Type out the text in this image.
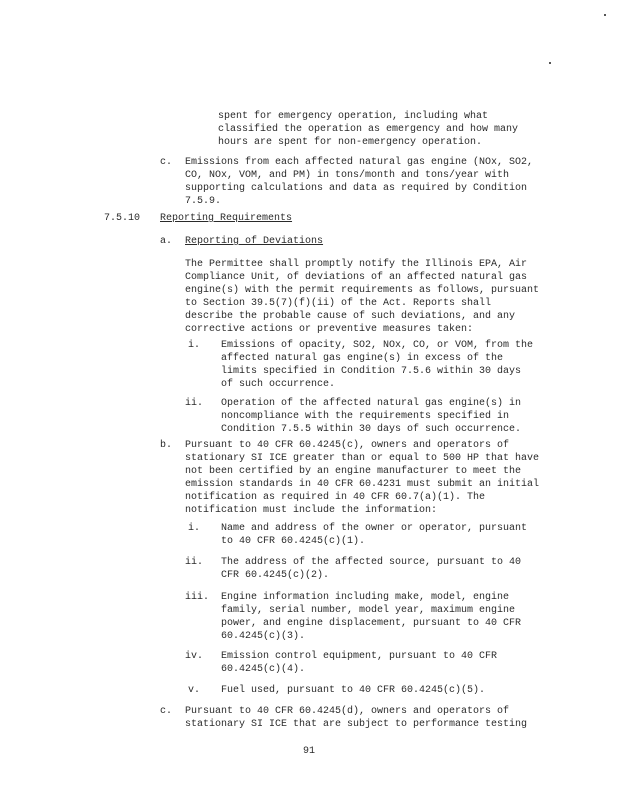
spent for emergency operation, including what
classified the operation as emergency and how many
hours are spent for non-emergency operation.
c. Emissions from each affected natural gas engine (NOx, SO2,
CO, NOx, VOM, and PM) in tons/month and tons/year with
supporting calculations and data as required by Condition
7.5.9.
7.5.10 Reporting Requirements
a. Reporting of Deviations
The Permittee shall promptly notify the Illinois EPA, Air
Compliance Unit, of deviations of an affected natural gas
engine(s) with the permit requirements as follows, pursuant
to Section 39.5(7)(f)(ii) of the Act. Reports shall
describe the probable cause of such deviations, and any
corrective actions or preventive measures taken:
i. Emissions of opacity, SO2, NOx, CO, or VOM, from the
affected natural gas engine(s) in excess of the
limits specified in Condition 7.5.6 within 30 days
of such occurrence.
ii. Operation of the affected natural gas engine(s) in
noncompliance with the requirements specified in
Condition 7.5.5 within 30 days of such occurrence.
b. Pursuant to 40 CFR 60.4245(c), owners and operators of
stationary SI ICE greater than or equal to 500 HP that have
not been certified by an engine manufacturer to meet the
emission standards in 40 CFR 60.4231 must submit an initial
notification as required in 40 CFR 60.7(a)(1). The
notification must include the information:
i. Name and address of the owner or operator, pursuant
to 40 CFR 60.4245(c)(1).
ii. The address of the affected source, pursuant to 40
CFR 60.4245(c)(2).
iii. Engine information including make, model, engine
family, serial number, model year, maximum engine
power, and engine displacement, pursuant to 40 CFR
60.4245(c)(3).
iv. Emission control equipment, pursuant to 40 CFR
60.4245(c)(4).
v. Fuel used, pursuant to 40 CFR 60.4245(c)(5).
c. Pursuant to 40 CFR 60.4245(d), owners and operators of
stationary SI ICE that are subject to performance testing
91
